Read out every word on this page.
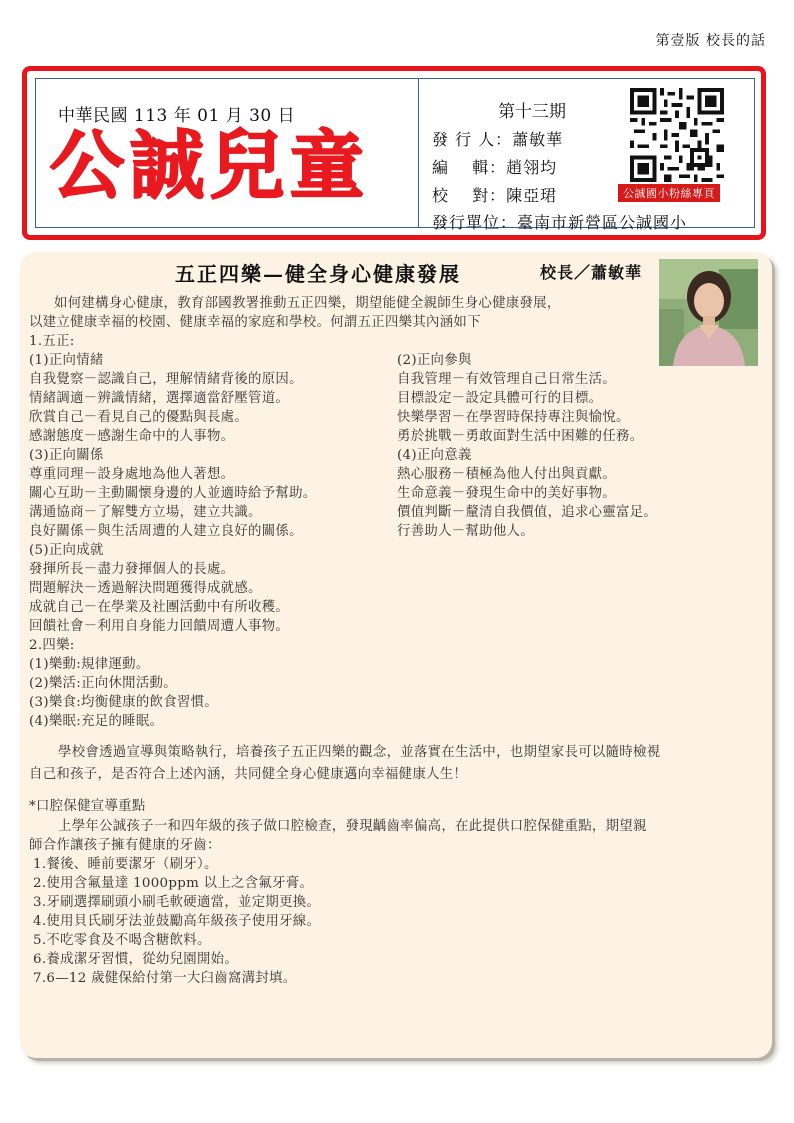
第壹版 校長的話
中華民國 113 年 01 月 30 日
公誠兒童
第十三期
發 行 人：蕭敏華
編　 輯：趙翎均
校　 對：陳亞珺
發行單位：臺南市新營區公誠國小
公誠國小粉絲專頁
五正四樂—健全身心健康發展	校長／蕭敏華
如何建構身心健康，教育部國教署推動五正四樂，期望能健全親師生身心健康發展，
以建立健康幸福的校園、健康幸福的家庭和學校。何謂五正四樂其內涵如下
1.五正:
(1)正向情緒
自我覺察－認識自己，理解情緒背後的原因。
情緒調適－辨識情緒，選擇適當舒壓管道。
欣賞自己－看見自己的優點與長處。
感謝態度－感謝生命中的人事物。
(3)正向關係
尊重同理－設身處地為他人著想。
關心互助－主動關懷身邊的人並適時給予幫助。
溝通協商－了解雙方立場，建立共識。
良好關係－與生活周遭的人建立良好的關係。
(5)正向成就
發揮所長－盡力發揮個人的長處。
問題解決－透過解決問題獲得成就感。
成就自己－在學業及社團活動中有所收穫。
回饋社會－利用自身能力回饋周遭人事物。
(2)正向參與
自我管理－有效管理自己日常生活。
目標設定－設定具體可行的目標。
快樂學習－在學習時保持專注與愉悅。
勇於挑戰－勇敢面對生活中困難的任務。
(4)正向意義
熱心服務－積極為他人付出與貢獻。
生命意義－發現生命中的美好事物。
價值判斷－釐清自我價值，追求心靈富足。
行善助人－幫助他人。
2.四樂:
(1)樂動:規律運動。
(2)樂活:正向休閒活動。
(3)樂食:均衡健康的飲食習慣。
(4)樂眠:充足的睡眠。
學校會透過宣導與策略執行，培養孩子五正四樂的觀念，並落實在生活中，也期望家長可以隨時檢視
自己和孩子，是否符合上述內涵，共同健全身心健康邁向幸福健康人生！
*口腔保健宣導重點
上學年公誠孩子一和四年級的孩子做口腔檢查，發現齲齒率偏高，在此提供口腔保健重點，期望親
師合作讓孩子擁有健康的牙齒：
1.餐後、睡前要潔牙（刷牙）。
2.使用含氟量達 1000ppm 以上之含氟牙膏。
3.牙刷選擇刷頭小刷毛軟硬適當，並定期更換。
4.使用貝氏刷牙法並鼓勵高年級孩子使用牙線。
5.不吃零食及不喝含糖飲料。
6.養成潔牙習慣，從幼兒園開始。
7.6—12 歲健保給付第一大臼齒窩溝封填。
